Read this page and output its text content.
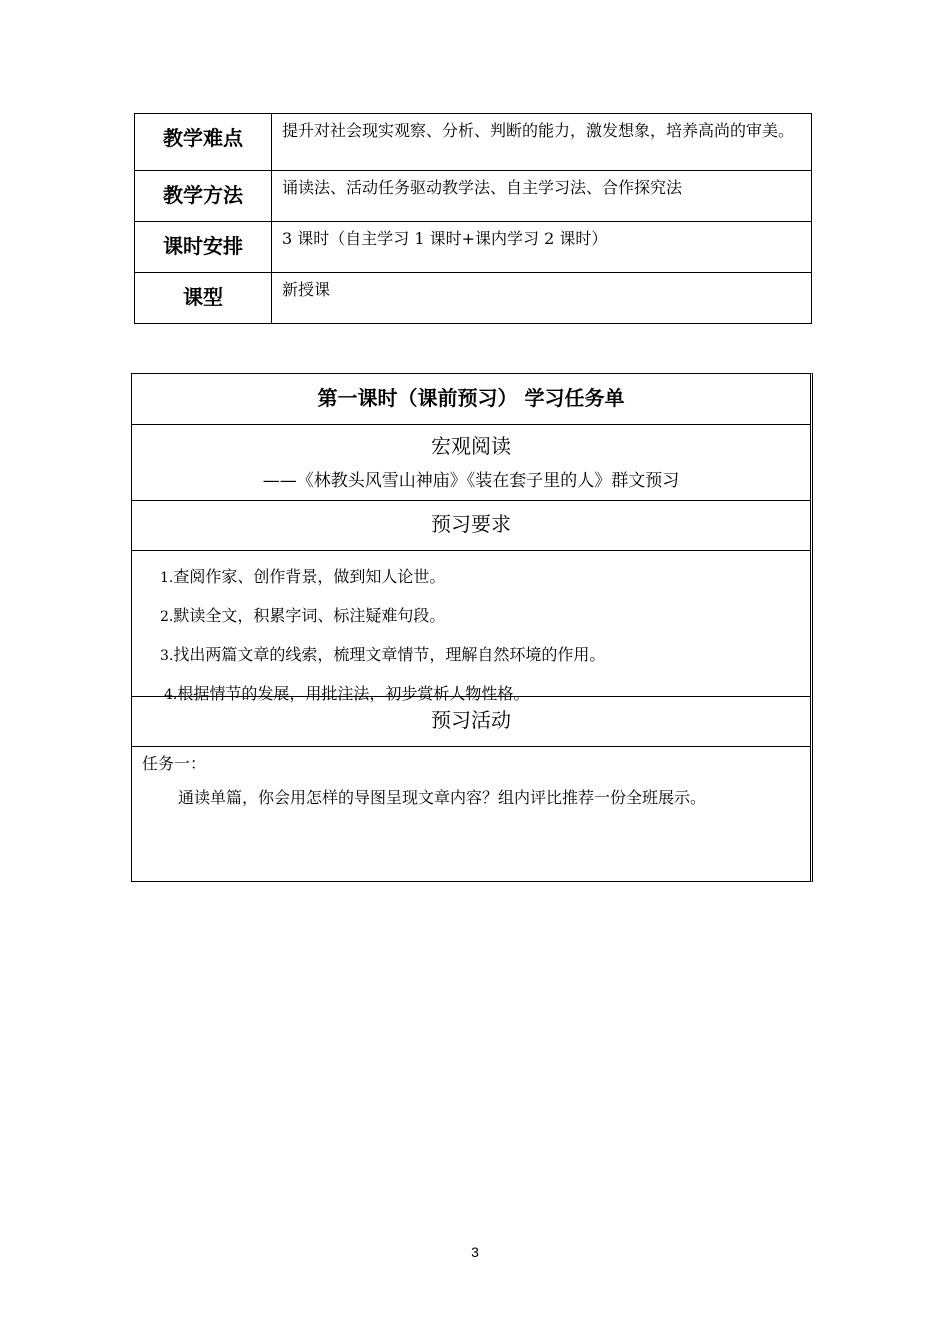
教学难点	提升对社会现实观察、分析、判断的能力，激发想象，培养高尚的审美。
教学方法	诵读法、活动任务驱动教学法、自主学习法、合作探究法
课时安排	3 课时（自主学习 1 课时+课内学习 2 课时）
课型	新授课
第一课时（课前预习） 学习任务单
宏观阅读
——《林教头风雪山神庙》《装在套子里的人》群文预习
预习要求
1.查阅作家、创作背景，做到知人论世。
2.默读全文，积累字词、标注疑难句段。
3.找出两篇文章的线索，梳理文章情节，理解自然环境的作用。
4.根据情节的发展，用批注法，初步赏析人物性格。
预习活动
任务一：
通读单篇，你会用怎样的导图呈现文章内容？组内评比推荐一份全班展示。
3
